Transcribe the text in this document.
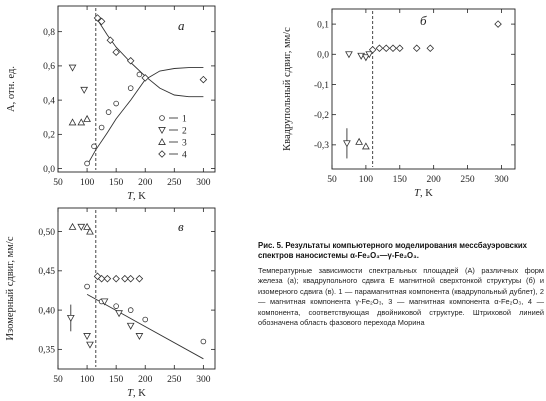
50 100 150 200 250 300
0,0
0,2
0,4
0,6
0,8
T, K
A, отн. ед.
а
1
2
3
4
50 100 150 200 250 300
-0,3
-0,2
-0,1
0,0
0,1
T, K
Квадрупольный сдвиг, мм/с
б
50 100 150 200 250 300
0,35
0,40
0,45
0,50
T, K
Изомерный сдвиг, мм/с
в

Рис. 5. Результаты компьютерного моделирования мессбауэровских спектров наносистемы α-Fe₂O₃—γ-Fe₂O₃.

Температурные зависимости спектральных площадей (A) различных форм железа (а); квадрупольного сдвига E магнитной сверхтонкой структуры (б) и изомерного сдвига (в). 1 — парамагнитная компонента (квадрупольный дублет), 2 — магнитная компонента γ-Fe₂O₃, 3 — магнитная компонента α-Fe₂O₃, 4 — компонента, соответствующая двойниковой структуре. Штриховой линией обозначена область фазового перехода Морина
